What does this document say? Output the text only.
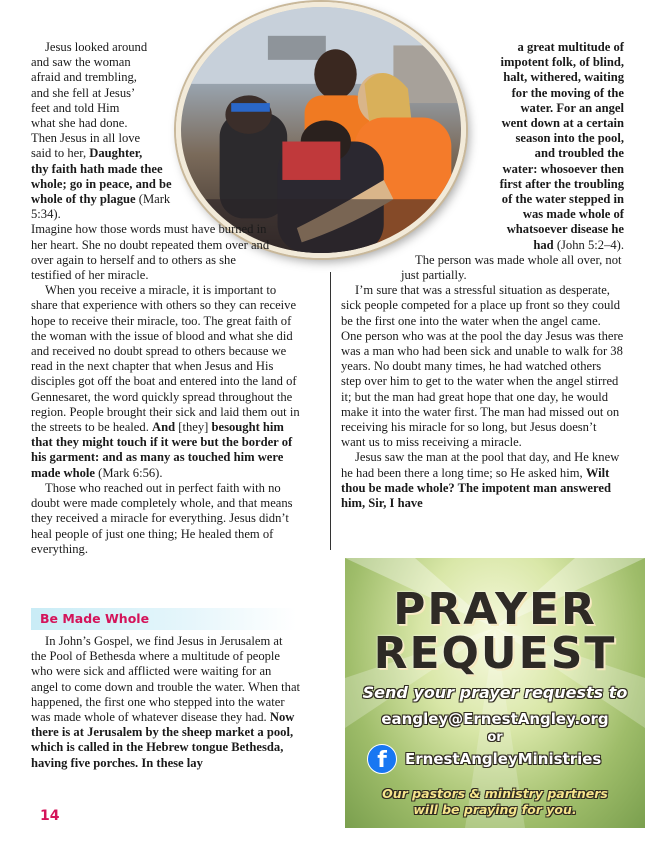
Jesus looked around

and saw the woman

afraid and trembling,

and she fell at Jesus’

feet and told Him

what she had done.

Then Jesus in all love

said to her, Daughter,

thy faith hath made thee whole; go in peace, and be whole of thy plague (Mark 5:34).

Imagine how those words must have burned in her heart. She no doubt repeated them over and over again to herself and to others as she testified of her miracle.

When you receive a miracle, it is important to share that experience with others so they can receive hope to receive their miracle, too. The great faith of the woman with the issue of blood and what she did and received no doubt spread to others because we read in the next chapter that when Jesus and His disciples got off the boat and entered into the land of Gennesaret, the word quickly spread throughout the region. People brought their sick and laid them out in the streets to be healed. And [they] besought him that they might touch if it were but the border of his garment: and as many as touched him were made whole (Mark 6:56).

Those who reached out in perfect faith with no doubt were made completely whole, and that means they received a miracle for everything. Jesus didn’t heal people of just one thing; He healed them of everything.

Be Made Whole

In John’s Gospel, we find Jesus in Jerusalem at the Pool of Bethesda where a multitude of people who were sick and afflicted were waiting for an angel to come down and trouble the water. When that happened, the first one who stepped into the water was made whole of whatever disease they had. Now there is at Jerusalem by the sheep market a pool, which is called in the Hebrew tongue Bethesda, having five porches. In these lay

a great multitude of impotent folk, of blind, halt, withered, waiting for the moving of the water. For an angel went down at a certain season into the pool, and troubled the water: whosoever then first after the troubling of the water stepped in was made whole of whatsoever disease he had (John 5:2–4).

The person was made whole all over, not just partially.

I’m sure that was a stressful situation as desperate, sick people competed for a place up front so they could be the first one into the water when the angel came. One person who was at the pool the day Jesus was there was a man who had been sick and unable to walk for 38 years. No doubt many times, he had watched others step over him to get to the water when the angel stirred it; but the man had great hope that one day, he would make it into the water first. The man had missed out on receiving his miracle for so long, but Jesus doesn’t want us to miss receiving a miracle.

Jesus saw the man at the pool that day, and He knew he had been there a long time; so He asked him, Wilt thou be made whole? The impotent man answered him, Sir, I have

PRAYER
REQUEST
Send your prayer requests to
eangley@ErnestAngley.org
or
f	ErnestAngleyMinistries
Our pastors & ministry partners
will be praying for you.
14
